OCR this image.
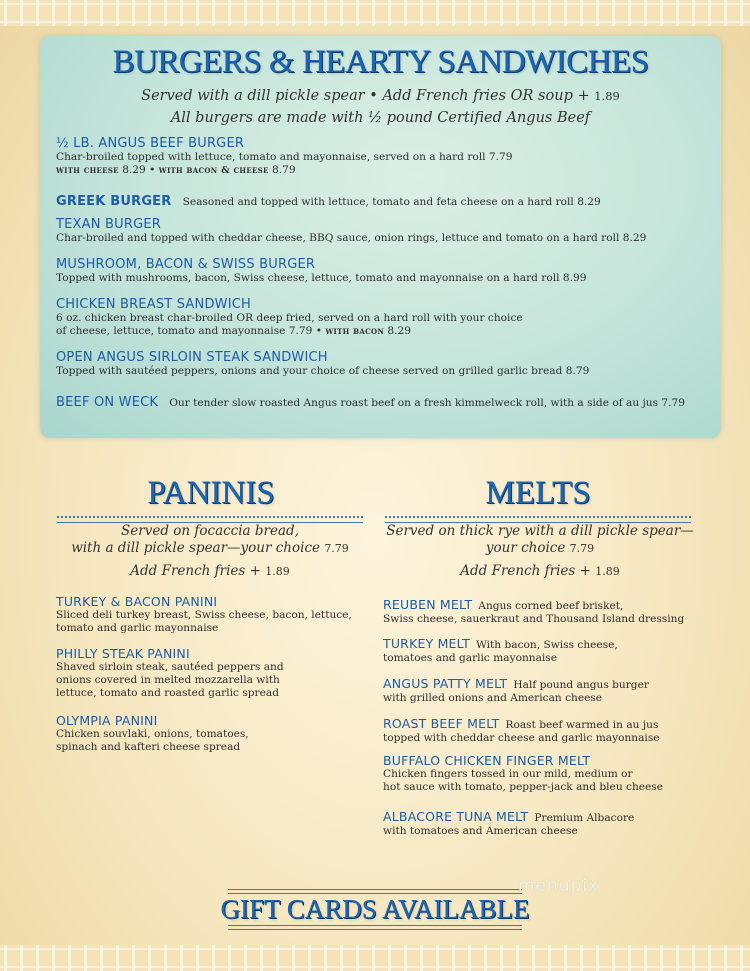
BURGERS & HEARTY SANDWICHES
Served with a dill pickle spear • Add French fries OR soup + 1.89
All burgers are made with ½ pound Certified Angus Beef
½ LB. ANGUS BEEF BURGER
Char-broiled topped with lettuce, tomato and mayonnaise, served on a hard roll 7.79
with cheese 8.29 • with bacon & cheese 8.79
GREEK BURGER Seasoned and topped with lettuce, tomato and feta cheese on a hard roll 8.29
TEXAN BURGER
Char-broiled and topped with cheddar cheese, BBQ sauce, onion rings, lettuce and tomato on a hard roll 8.29
MUSHROOM, BACON & SWISS BURGER
Topped with mushrooms, bacon, Swiss cheese, lettuce, tomato and mayonnaise on a hard roll 8.99
CHICKEN BREAST SANDWICH
6 oz. chicken breast char-broiled OR deep fried, served on a hard roll with your choice
of cheese, lettuce, tomato and mayonnaise 7.79 • with bacon 8.29
OPEN ANGUS SIRLOIN STEAK SANDWICH
Topped with sautéed peppers, onions and your choice of cheese served on grilled garlic bread 8.79
BEEF ON WECK Our tender slow roasted Angus roast beef on a fresh kimmelweck roll, with a side of au jus 7.79
PANINIS
Served on focaccia bread,
with a dill pickle spear—your choice 7.79
Add French fries + 1.89
TURKEY & BACON PANINI
Sliced deli turkey breast, Swiss cheese, bacon, lettuce,
tomato and garlic mayonnaise
PHILLY STEAK PANINI
Shaved sirloin steak, sautéed peppers and
onions covered in melted mozzarella with
lettuce, tomato and roasted garlic spread
OLYMPIA PANINI
Chicken souvlaki, onions, tomatoes,
spinach and kafteri cheese spread
MELTS
Served on thick rye with a dill pickle spear—
your choice 7.79
Add French fries + 1.89
REUBEN MELT Angus corned beef brisket,
Swiss cheese, sauerkraut and Thousand Island dressing
TURKEY MELT With bacon, Swiss cheese,
tomatoes and garlic mayonnaise
ANGUS PATTY MELT Half pound angus burger
with grilled onions and American cheese
ROAST BEEF MELT Roast beef warmed in au jus
topped with cheddar cheese and garlic mayonnaise
BUFFALO CHICKEN FINGER MELT
Chicken fingers tossed in our mild, medium or
hot sauce with tomato, pepper-jack and bleu cheese
ALBACORE TUNA MELT Premium Albacore
with tomatoes and American cheese
GIFT CARDS AVAILABLE
menupix
